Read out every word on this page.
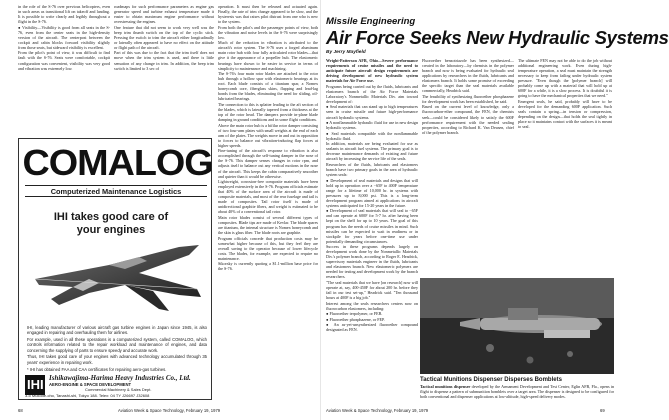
in the role of the S-76 over previous helicopters, even in such areas as transitional lift on takeoff and landing. It is possible to write clearly and legibly throughout a flight in the S-76.

● Visibility—Visibility is good from all seats in the S-76, even from the center seats in the high-density version of the aircraft. The centerpost between the cockpit and cabin blocks forward visibility slightly from those seats, but sideward visibility is excellent.

From the pilot's point of view, it was difficult to find fault with the S-76. Seats were comfortable, cockpit configuration was convenient, visibility was very good and vibration was extremely low.

roadmaps for such performance parameters as engine gas generator speed and turbine exhaust temperature made it easier to obtain maximum engine performance without overstressing the engines.

One feature that did not seem to work very well was the beep trim thumb switch on the top of the cyclic stick. Pressing the switch to trim the aircraft either longitudinally or laterally often appeared to have no effect on the attitude or flight path of the aircraft.

Part of this was due to the fact that the trim itself does not move when the trim system is used, and there is little sensation of any change in trim. In addition, the beep trim switch is limited to 3 sec of

operation. It must then be released and actuated again. Finally, the rate of trim change appeared to be slow, and the hysteresis was that raises pilot distrust from one who is new to the system.

From both the pilot's and the passenger points of view, both the vibration and noise levels in the S-76 were surprisingly low.

Much of the reduction in vibration is attributed to the aircraft's rotor system. The S-76 uses a forged aluminum main rotor hub with four fully articulated rotor blades—that give it the appearance of a propeller hub. The elastomeric bearings have shown to be easier in service in terms of simplicity to maintenance and machining.

The S-76's four main rotor blades are attached to the rotor hub through a hollow spar with elastomeric bearings at its root. Each blade consists of a titanium spar, a Nomex honeycomb core, fiberglass skins, flapping and lead-lag bonds from the blades, eliminating the need for sliding, oil-lubricated bearings.

The connection to this is splatter leading to the aft section of the blades, which is laterally tapered from a thickness at the top of the rotor head. The dampers provide in-plane blade damping in ground conditions and in some flight conditions.

Above the main rotor hub is a bifilar rotor damper consisting of two four-arm plates with small weights at the end of each arm of the plates. The weights move in and out in opposition to forces to balance out vibration-inducing flap forces at higher speeds.

Fine-tuning of the aircraft's response to vibration is also accomplished through the self-tuning damper in the nose of the S-76. This damper senses changes in rotor rpm, and adjusts itself to balance out any vertical motions in the nose of the aircraft. This keeps the cabin comparatively smoother and quieter than it would be otherwise.

Lightweight, corrosion-free composite materials have been employed extensively in the S-76. Program officials estimate that 40% of the surface area of the aircraft is made of composite materials, and most of the rear fuselage and tail is made of composites. Tail rotor itself is made of unidirectional graphite fibers, and weight is estimated to be about 40% of a conventional tail rotor.

Main rotor blades consist of several different types of composites. Blade tips are made of Kevlar. The blade spares are titanium, the internal structure is Nomex honeycomb and the skin is glass fiber. The blade roots are graphite.

Program officials concede that production costs may be somewhat higher because of this, but they feel they are overall saving to the operator because of lower lifecycle costs. The blades, for example, are expected to require no maintenance.

Sikorsky is currently quoting a $1.1-million base price for the S-76.

COMALOG
Computerized Maintenance Logistics
IHI takes good care of your engines

IHI, leading manufacturer of various aircraft gas turbine engines in Japan since 1945, is also engaged in repairing and overhauling them for airlines.

For example, used in all these operations is a computerized system, called COMALOG, which controls information related to the repair workload and maintenance of engines, and data concerning the supplying of parts to ensure speedy and accurate work.

Thus, IHI takes good care of your engines with advanced technology accumulated through 35 years' experience in repairing work.

* IHI has obtained FAA and CAA certificates for repairing aero-gas turbines.

IHI Ishikawajima-Harima Heavy Industries Co., Ltd.
AERO-ENGINE & SPACE DEVELOPMENT
Commercial Machinery & Sales Dept.
3-5 Mukode-cho, Tanashi-shi, Tokyo 188. Telex: 04 TY J26697 J32608
68	Aviation Week & Space Technology, February 19, 1979
Missile Engineering
Air Force Seeks New Hydraulic Systems
By Jerry Mayfield

Wright-Patterson AFB, Ohio—Severe performance requirements of cruise missiles and the need to anticipate future aircraft design requirements are driving development of new hydraulic system materials for Air Force use.

Programs being carried out by the fluids, lubricants and elastomers branch of the Air Force Materials Laboratory's Nonmetallic Materials Div. aim toward development of:

● Seal materials that can stand up to high temperatures seen in cruise missile and future high-performance aircraft hydraulic systems.

● A nonflammable hydraulic fluid for use in new design hydraulic systems.

● Seal materials compatible with the nonflammable hydraulic fluid.

In addition, materials are being evaluated for use as sealants in aircraft fuel systems. The primary goal is to decrease maintenance demands of existing and future aircraft by increasing the service life of the seals.

Researchers of the fluids, lubricants and elastomers branch have two primary goals in the area of hydraulic system seals:

● Development of seal materials and designs that will hold up in operation over a −65F to 400F temperature range for a lifetime of 10,000 hr. in systems with pressures up to 8,000 psi. This is a long-term development program aimed at applications in aircraft systems anticipated for 15-20 years in the future.

● Development of seal materials that will seal to −65F and can operate at 600F for 5-7 hr. after having been kept on the shelf for up to 10 years. The goal of this program has the needs of cruise missiles in mind. Such missiles can be expected to wait in readiness or in stockpile for years before one-time use under potentially demanding circumstances.

Success in these programs depends largely on development work done by the Nonmetallic Materials Div.'s polymer branch, according to Roger E. Headrick, supervisory materials engineer in the fluids, lubricants and elastomers branch. New elastomeric polymers are needed for testing and development work by the branch researchers.

"The seal materials that we have [on research] now will operate at, say, 400-450F for about 200 hr. before they fail in our test set-up," Headrick said. "Ten thousand hours at 400F is a big job."

Interest among the seals researchers centers now on fluorocarbon elastomers, including:

● Fluoroether terpolymer, or FEB.

● Fluoroether phosphazene, or FEP.

● An as-yet-unsynthesized fluoroether compound designated as FEN.

Fluoroether benzotriazole has been synthesized—created in the laboratory—by chemists in the polymer branch and now is being evaluated for hydraulic seal applications by researchers in the fluids, lubricants and elastomers branch. It holds some promise of exceeding the specific target than the seal materials available commercially, Headrick said.

The feasibility of synthesizing fluoroether phosphazene for development work has been established, he said.

Based on the current level of knowledge, only a fluorocarbon-ether compound, the FEN, the chemists seek—could be considered likely to satisfy the 600F performance requirement with the needed sealing properties, according to Richard K. Van Deusen, chief of the polymer branch.

The ultimate FEN may not be able to do the job without additional engineering work. Even during high-temperature operation, a seal must maintain the strength necessary to keep from failing under hydraulic system pressure. "Even though the [polymer branch] will probably come up with a material that will hold up at 600F for a while, it is a slow process. It is doubtful it is going to have the mechanical properties that we need."

Emergent seals, he said, probably will have to be developed for the demanding 600F application. Such seals contain a spring—in tension or compression, depending on the design—that holds the seal tightly in place so it maintains contact with the surfaces it is meant to seal.

Tactical Munitions Dispenser Disperses Bomblets
Tactical munitions dispenser developed by the Armament Development and Test Center, Eglin AFB, Fla., opens in flight to dispense a pattern of submunition bomblets over a target area. The dispenser is designed to be configured for both conventional and dispenser applications at low-altitude, high-speed delivery modes.
Aviation Week & Space Technology, February 19, 1979	69
